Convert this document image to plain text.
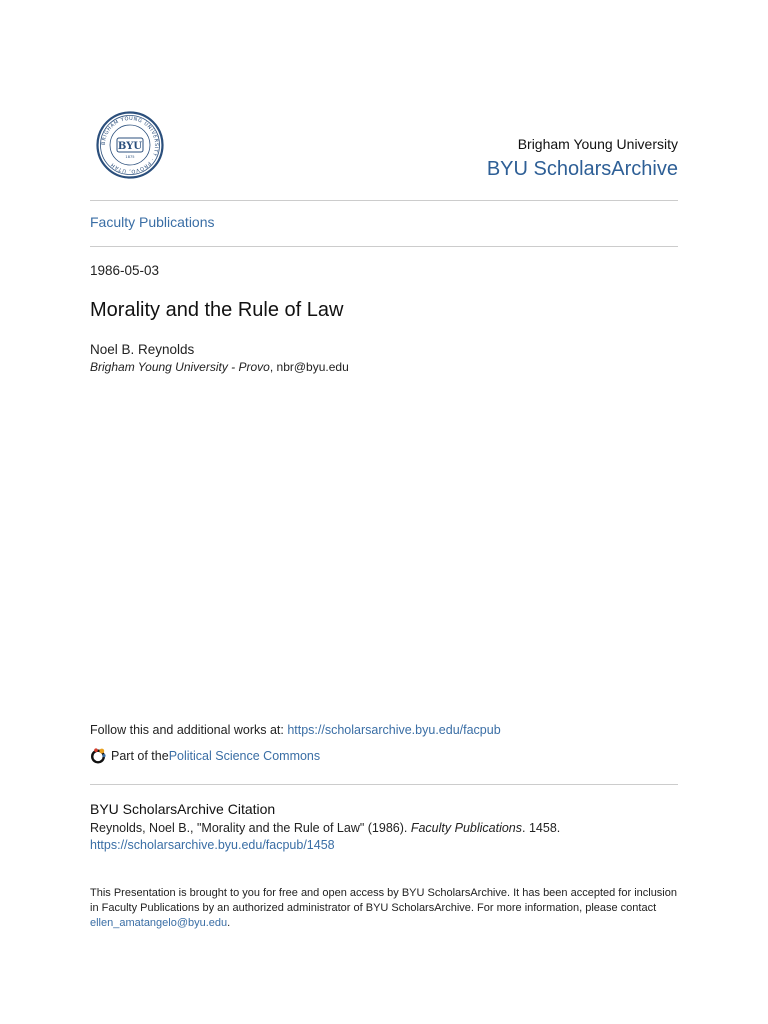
BRIGHAM YOUNG UNIVERSITY · PROVO, UTAH
BYU
1875
Brigham Young University
BYU ScholarsArchive
Faculty Publications
1986-05-03
Morality and the Rule of Law
Noel B. Reynolds
Brigham Young University - Provo, nbr@byu.edu
Follow this and additional works at: https://scholarsarchive.byu.edu/facpub
Part of the Political Science Commons
BYU ScholarsArchive Citation
Reynolds, Noel B., "Morality and the Rule of Law" (1986). Faculty Publications. 1458.
https://scholarsarchive.byu.edu/facpub/1458
This Presentation is brought to you for free and open access by BYU ScholarsArchive. It has been accepted for inclusion in Faculty Publications by an authorized administrator of BYU ScholarsArchive. For more information, please contact ellen_amatangelo@byu.edu.
